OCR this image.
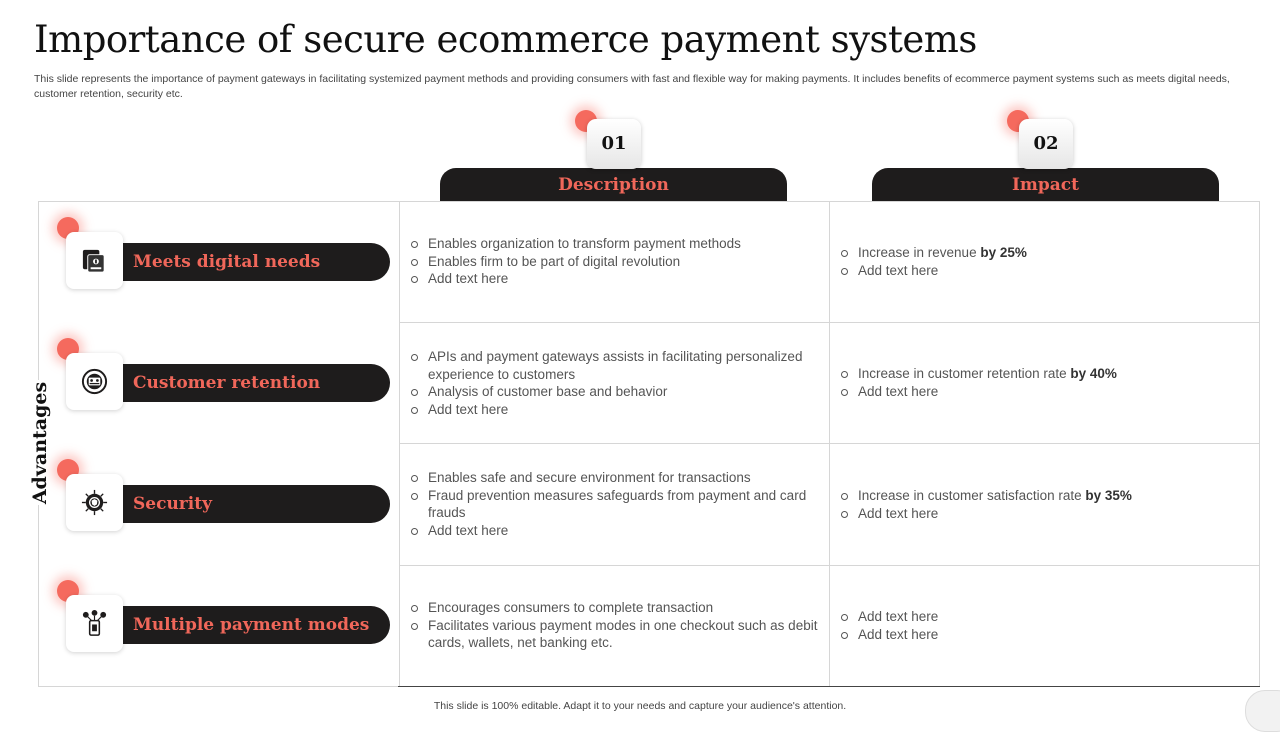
Importance of secure ecommerce payment systems
This slide represents the importance of payment gateways in facilitating systemized payment methods and providing consumers with fast and flexible way for making payments. It includes benefits of ecommerce payment systems such as meets digital needs, customer retention, security etc.
Advantages
Description
01
Impact
02
Meets digital needs
Enables organization to transform payment methods
Enables firm to be part of digital revolution
Add text here
Increase in revenue by 25%
Add text here
Customer retention
APIs and payment gateways assists in facilitating personalized experience to customers
Analysis of customer base and behavior
Add text here
Increase in customer retention rate by 40%
Add text here
Security
Enables safe and secure environment for transactions
Fraud prevention measures safeguards from payment and card frauds
Add text here
Increase in customer satisfaction rate by 35%
Add text here
Multiple payment modes
Encourages consumers to complete transaction
Facilitates various payment modes in one checkout such as debit cards, wallets, net banking etc.
Add text here
Add text here
This slide is 100% editable. Adapt it to your needs and capture your audience's attention.
